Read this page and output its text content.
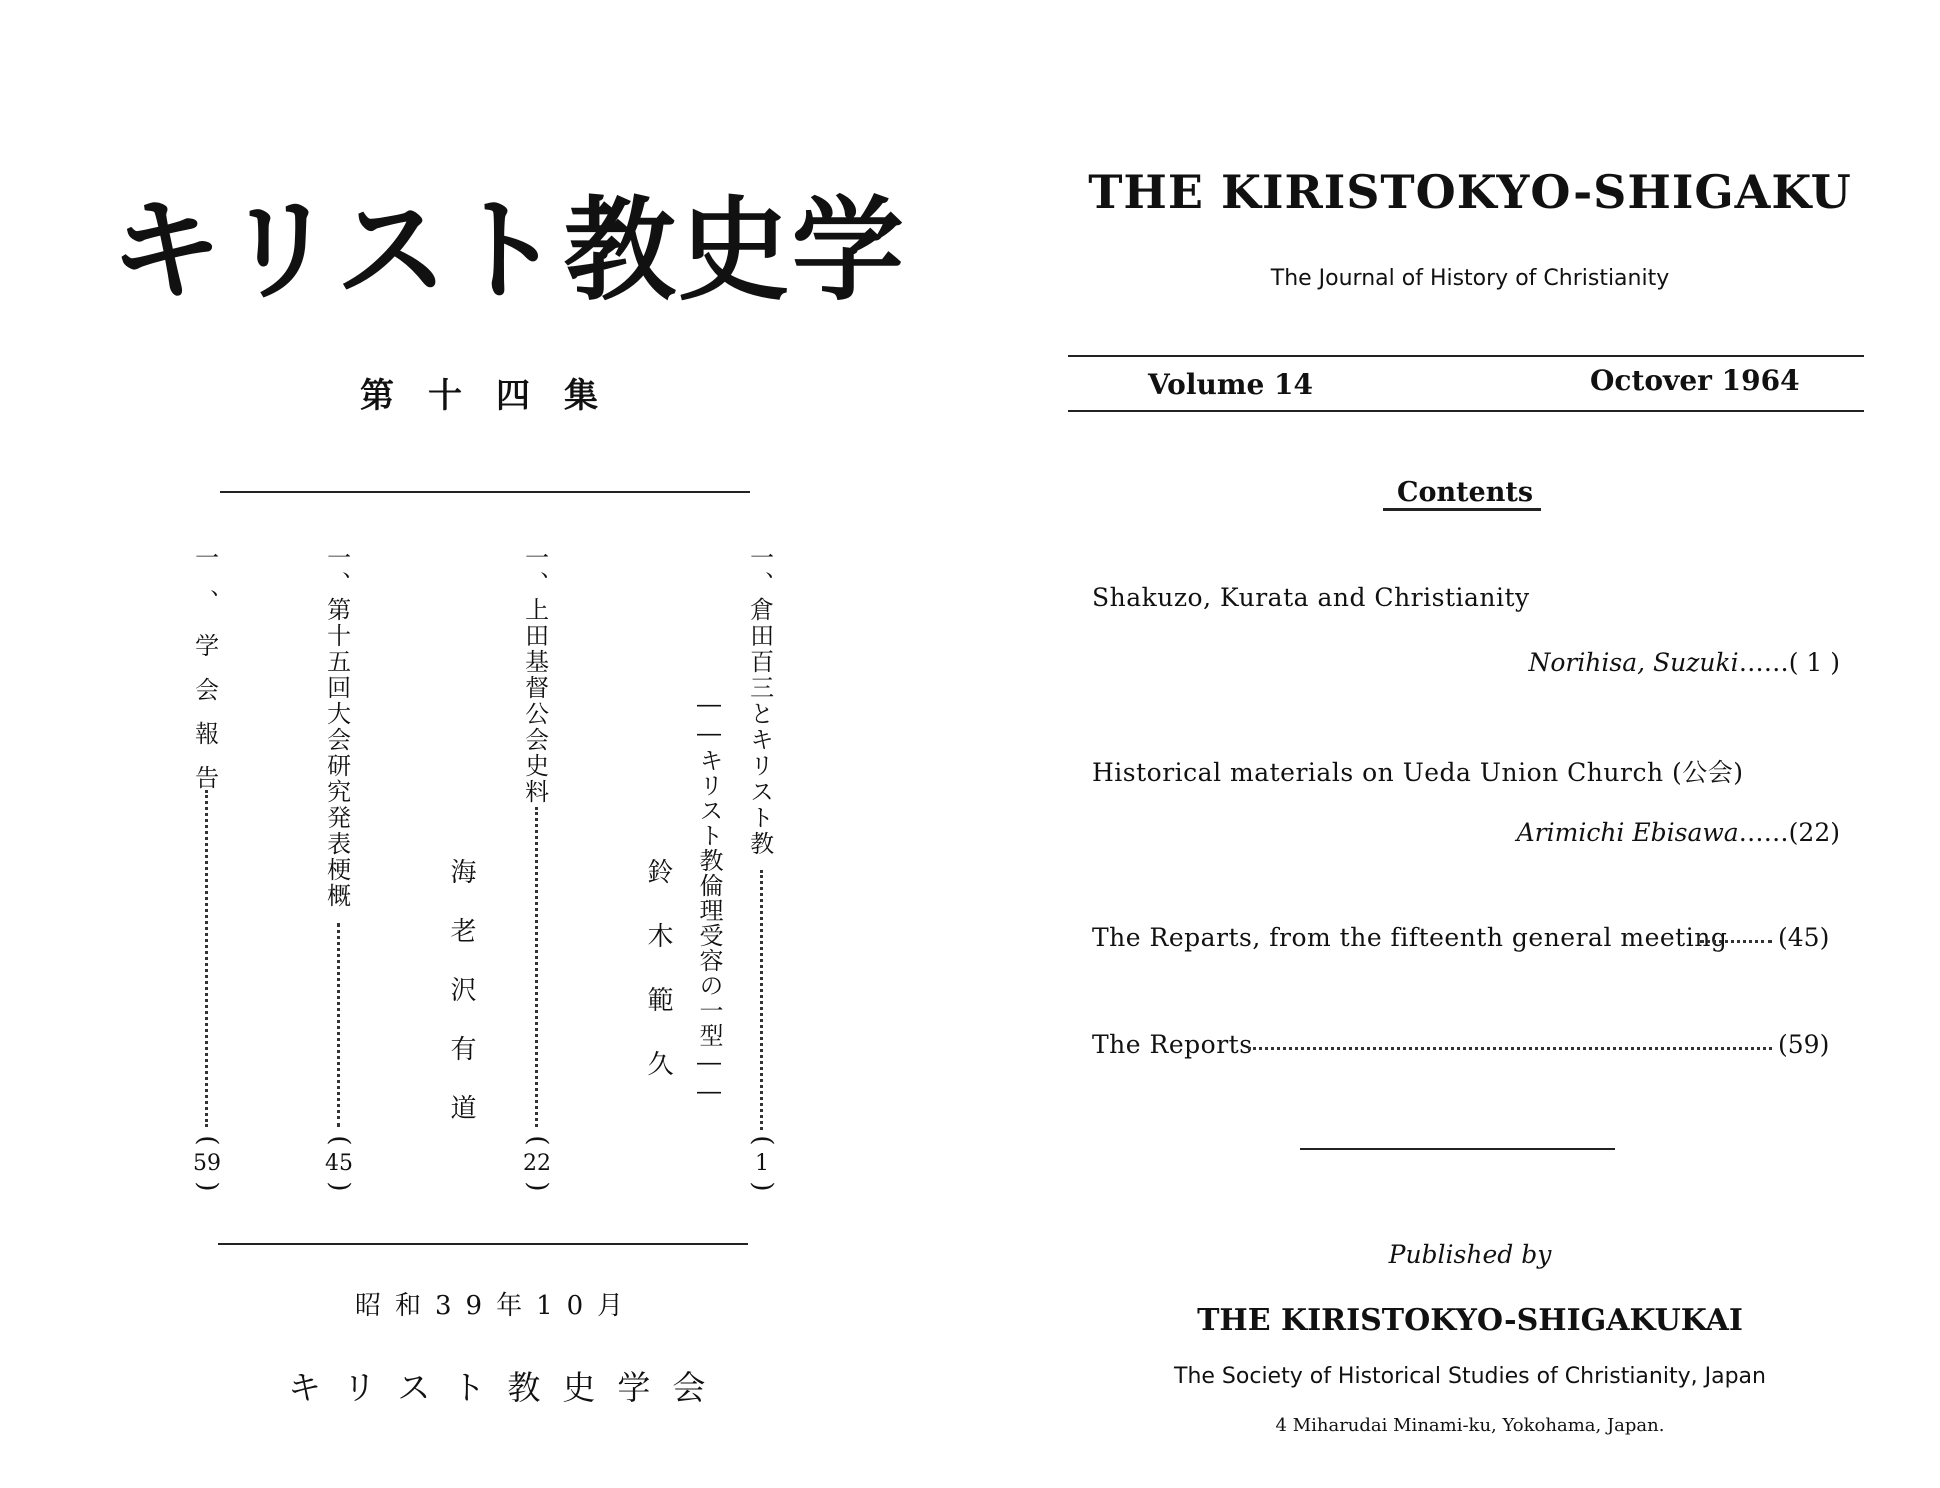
キリスト教史学
第十四集
一、倉田百三とキリスト教
(
1
)
――キリスト教倫理受容の一型――
鈴木範久
一、上田基督公会史料
(
22
)
海老沢有道
一、第十五回大会研究発表梗概
(
45
)
一、学会報告
(
59
)
昭和39年10月
キリスト教史学会
THE KIRISTOKYO-SHIGAKU
The Journal of History of Christianity
Volume 14	Octover 1964
Contents
Shakuzo, Kurata and Christianity
Norihisa, Suzuki……( 1 )
Historical materials on Ueda Union Church (公会)
Arimichi Ebisawa……(22)
The Reparts, from the fifteenth general meeting (45)
The Reports	(59)
Published by
THE KIRISTOKYO-SHIGAKUKAI
The Society of Historical Studies of Christianity, Japan
4 Miharudai Minami-ku, Yokohama, Japan.
